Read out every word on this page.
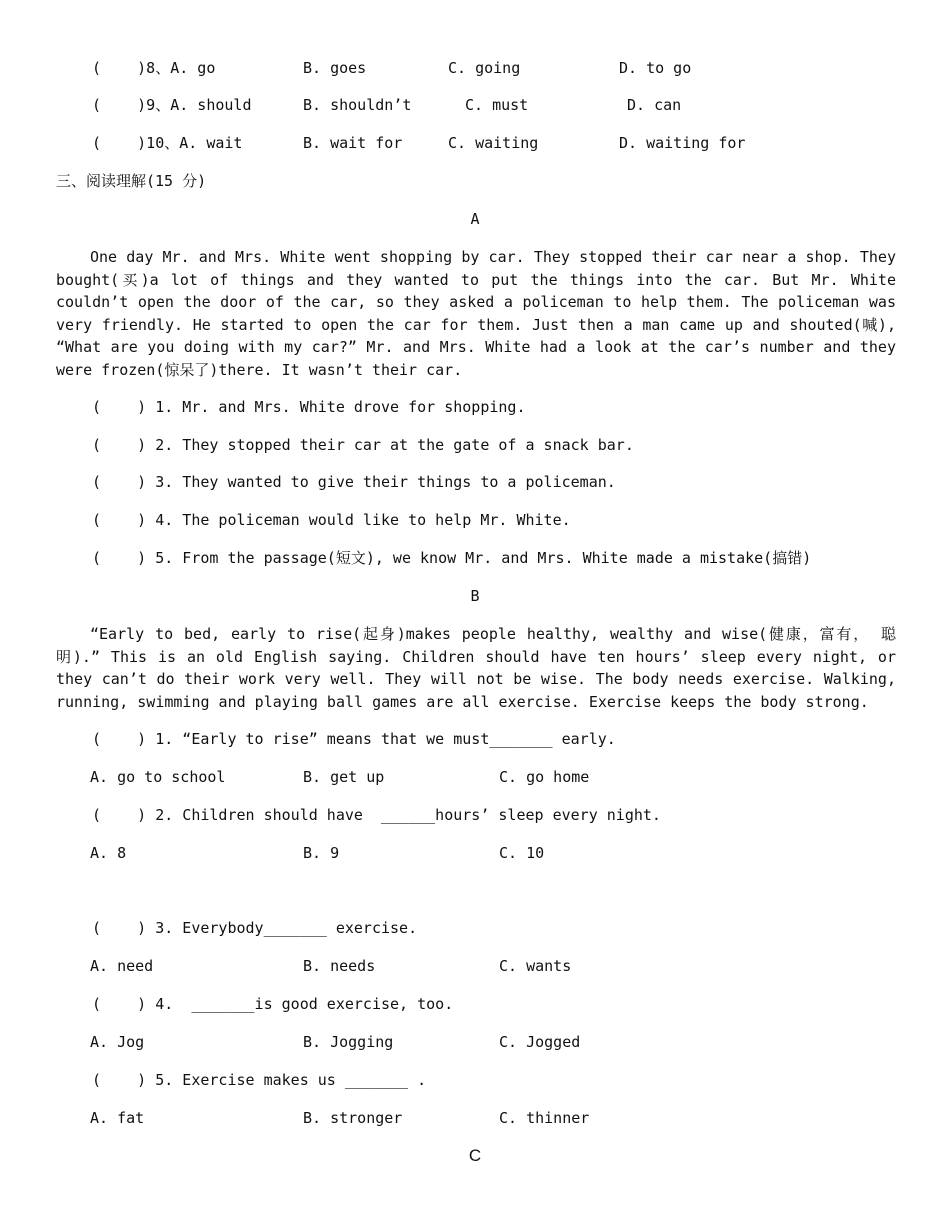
(    )8、A. go	B. goes	C. going	D. to go
(    )9、A. should	B. shouldn’t	C. must	D. can
(    )10、A. wait	B. wait for	C. waiting	D. waiting for
三、阅读理解(15 分)
A
One day Mr. and Mrs. White went shopping by car. They stopped their car near a shop. They bought(买)a lot of things and they wanted to put the things into the car. But Mr. White couldn’t open the door of the car, so they asked a policeman to help them. The policeman was very friendly. He started to open the car for them. Just then a man came up and shouted(喊), “What are you doing with my car?” Mr. and Mrs. White had a look at the car’s number and they were frozen(惊呆了)there. It wasn’t their car.
(    ) 1. Mr. and Mrs. White drove for shopping.
(    ) 2. They stopped their car at the gate of a snack bar.
(    ) 3. They wanted to give their things to a policeman.
(    ) 4. The policeman would like to help Mr. White.
(    ) 5. From the passage(短文), we know Mr. and Mrs. White made a mistake(搞错)
B
“Early to bed, early to rise(起身)makes people healthy, wealthy and wise(健康，富有， 聪明).” This is an old English saying. Children should have ten hours’ sleep every night, or they can’t do their work very well. They will not be wise. The body needs exercise. Walking, running, swimming and playing ball games are all exercise. Exercise keeps the body strong.
(    ) 1. “Early to rise” means that we must_______ early.
A. go to school	B. get up	C. go home
(    ) 2. Children should have  ______hours’ sleep every night.
A. 8	B. 9	C. 10
(    ) 3. Everybody_______ exercise.
A. need	B. needs	C. wants
(    ) 4.  _______is good exercise, too.
A. Jog	B. Jogging	C. Jogged
(    ) 5. Exercise makes us _______ .
A. fat	B. stronger	C. thinner
C
